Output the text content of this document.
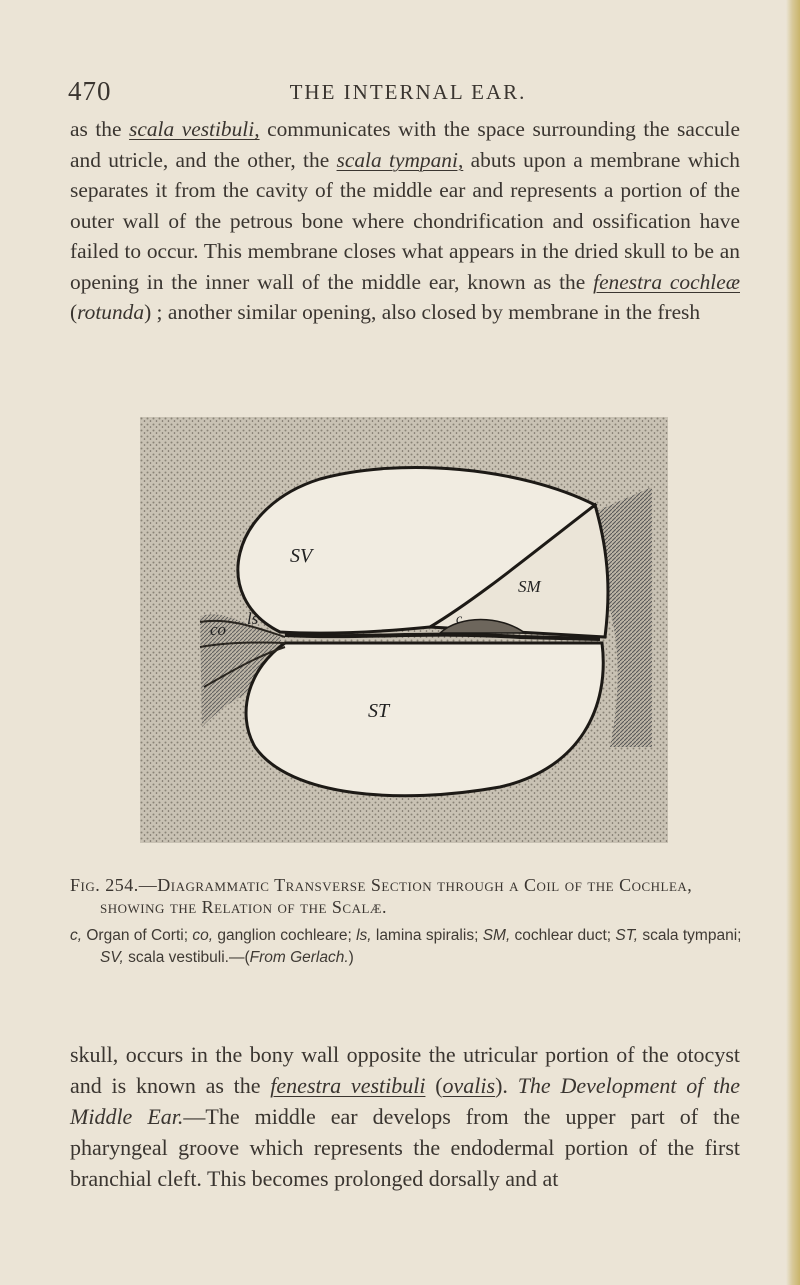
470	THE INTERNAL EAR.

as the scala vestibuli, communicates with the space surrounding the saccule and utricle, and the other, the scala tympani, abuts upon a membrane which separates it from the cavity of the middle ear and represents a portion of the outer wall of the petrous bone where chondrification and ossification have failed to occur. This membrane closes what appears in the dried skull to be an opening in the inner wall of the middle ear, known as the fenestra cochleæ (rotunda) ; another similar opening, also closed by membrane in the fresh

SV
SM
ls
co
c
ST

Fig. 254.—Diagrammatic Transverse Section through a Coil of the Cochlea, showing the Relation of the Scalæ.

c, Organ of Corti; co, ganglion cochleare; ls, lamina spiralis; SM, cochlear duct; ST, scala tympani; SV, scala vestibuli.—(From Gerlach.)

skull, occurs in the bony wall opposite the utricular portion of the otocyst and is known as the fenestra vestibuli (ovalis). The Development of the Middle Ear.—The middle ear develops from the upper part of the pharyngeal groove which represents the endodermal portion of the first branchial cleft. This becomes prolonged dorsally and at
